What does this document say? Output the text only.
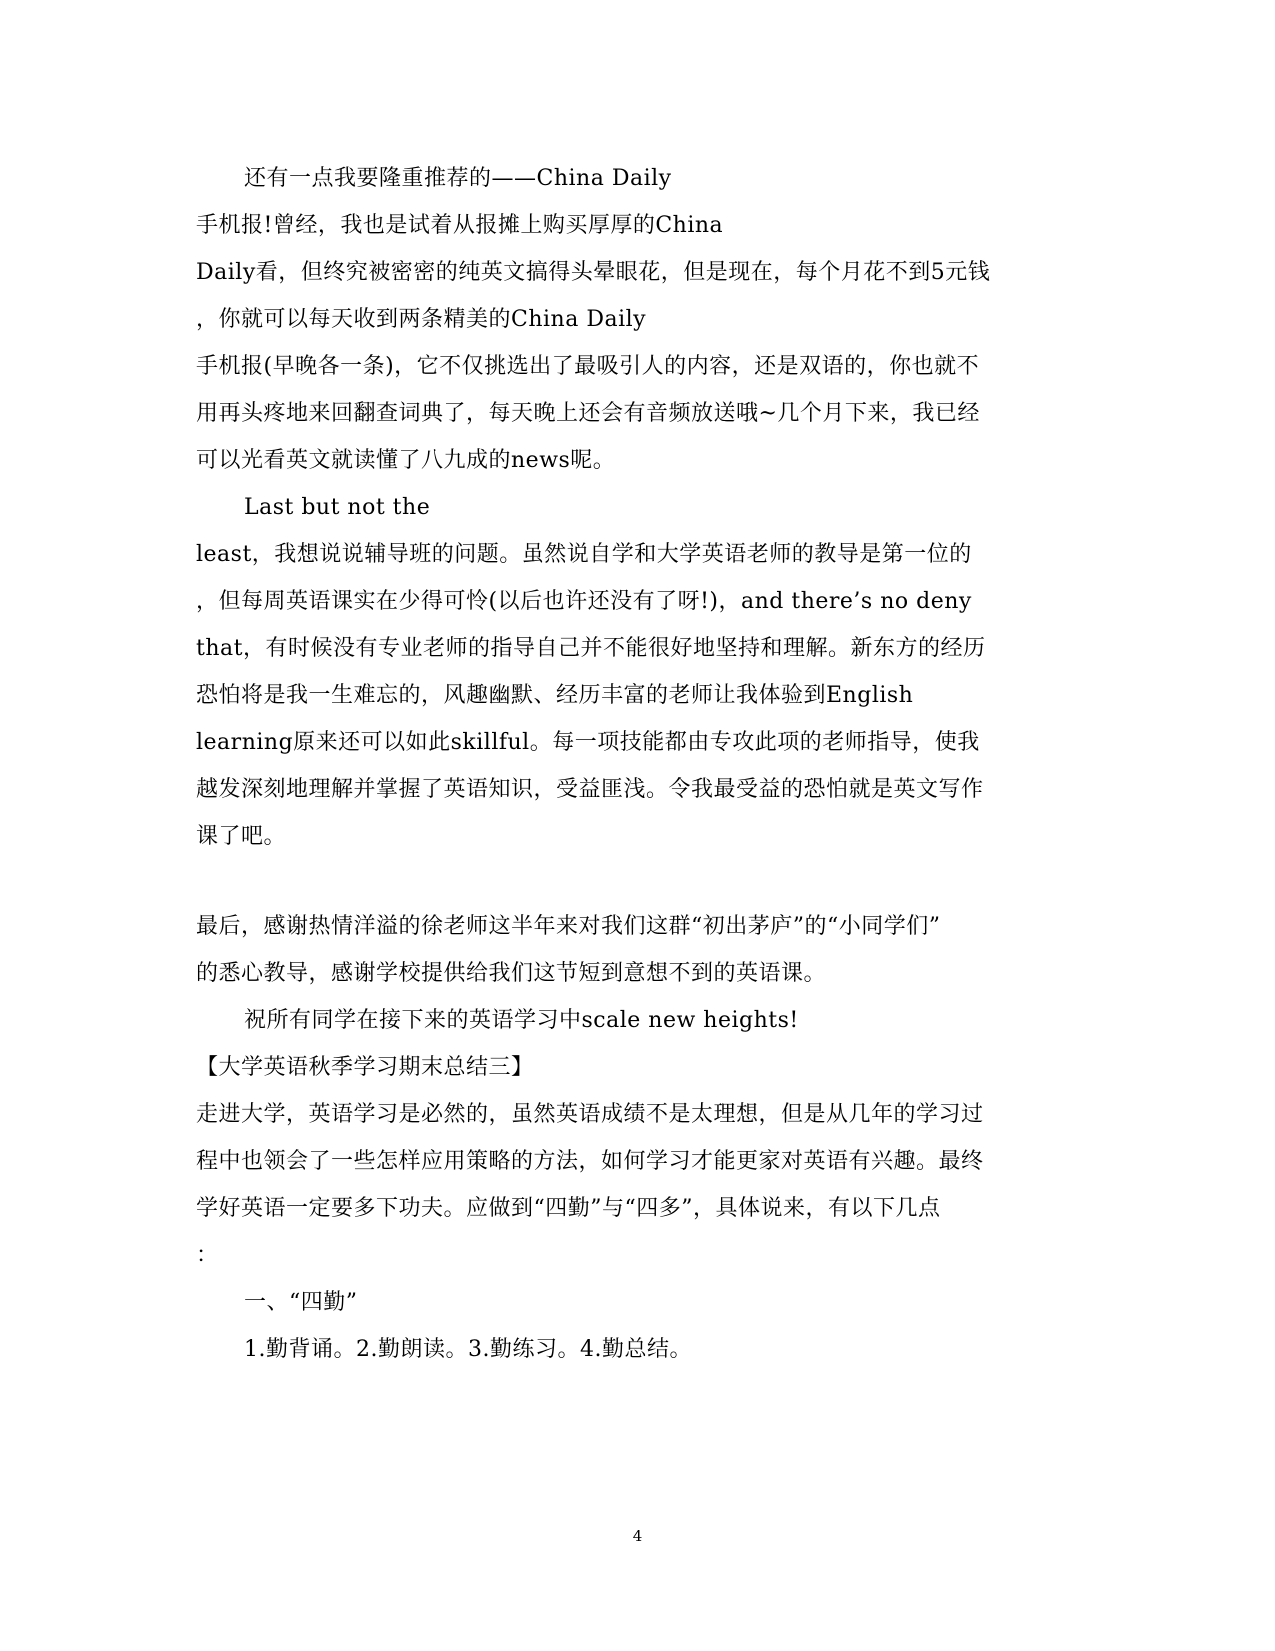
还有一点我要隆重推荐的——China Daily
手机报!曾经，我也是试着从报摊上购买厚厚的China
Daily看，但终究被密密的纯英文搞得头晕眼花，但是现在，每个月花不到5元钱
，你就可以每天收到两条精美的China Daily
手机报(早晚各一条)，它不仅挑选出了最吸引人的内容，还是双语的，你也就不
用再头疼地来回翻查词典了，每天晚上还会有音频放送哦~几个月下来，我已经
可以光看英文就读懂了八九成的news呢。
Last but not the
least，我想说说辅导班的问题。虽然说自学和大学英语老师的教导是第一位的
，但每周英语课实在少得可怜(以后也许还没有了呀!)，and there’s no deny
that，有时候没有专业老师的指导自己并不能很好地坚持和理解。新东方的经历
恐怕将是我一生难忘的，风趣幽默、经历丰富的老师让我体验到English
learning原来还可以如此skillful。每一项技能都由专攻此项的老师指导，使我
越发深刻地理解并掌握了英语知识，受益匪浅。令我最受益的恐怕就是英文写作
课了吧。
最后，感谢热情洋溢的徐老师这半年来对我们这群“初出茅庐”的“小同学们”
的悉心教导，感谢学校提供给我们这节短到意想不到的英语课。
祝所有同学在接下来的英语学习中scale new heights!
【大学英语秋季学习期末总结三】
走进大学，英语学习是必然的，虽然英语成绩不是太理想，但是从几年的学习过
程中也领会了一些怎样应用策略的方法，如何学习才能更家对英语有兴趣。最终
学好英语一定要多下功夫。应做到“四勤”与“四多”，具体说来，有以下几点
：
一、“四勤”
1.勤背诵。2.勤朗读。3.勤练习。4.勤总结。
4
